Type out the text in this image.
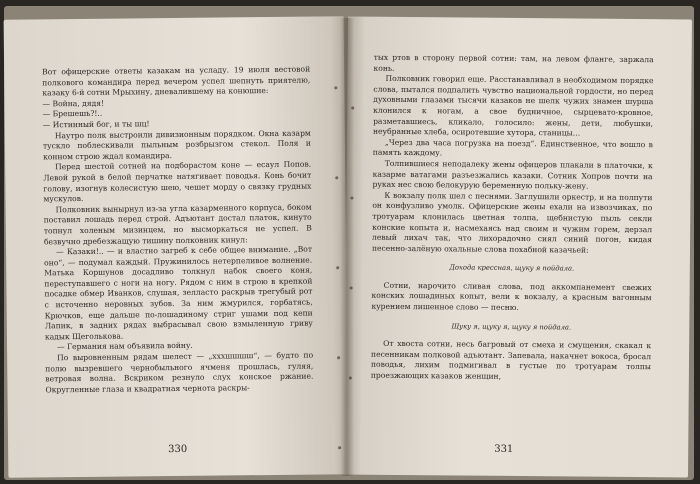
Вот офицерские ответы казакам на усладу. 19 июля вестовой полкового командира перед вечером успел шепнуть приятелю, казаку 6-й сотни Мрыхину, дневалившему на конюшне:

— Война, дядя!

— Брешешь?!..

— Истинный бог, и ты шц!

Наутро полк выстроили дивизионным порядком. Окна казарм тускло поблескивали пыльным розбрызгом стекол. Поля и конном строю ждал командира.

Перед шестой сотней на подборастом коне — есаул Попов. Левой рукой в белой перчатке натягивает поводья. Конь бочит голову, изогнув колесистую шею, чешет морду о связку грудных мускулов.

Полковник вынырнул из-за угла казарменного корпуса, боком поставил лошадь перед строй. Адъютант достал платок, кинуто топнул холеным мизинцем, но высморкаться не успел. В безвучно дребезжащую тишину полковник кинул:

— Казаки!.. — и властно загреб к себе общее внимание. „Вот оно“, — подумал каждый. Пружинилось нетерпеливое волнение. Матька Коршунов досадливо толкнул набок своего коня, переступавшего с ноги на ногу. Рядом с ним в строю в крепкой посадке обмер Иванков, слушая, зелласто раскрыв трегубый рот с источенно неровных зубов. За ним жмурился, горбатясь, Крючков, еще дальше по-лошадиному стриг ушами под кепи Лапик, в задних рядах выбрасывал свою взмыленную гриву кадык Щеголькова.

— Германия нам объявила войну.

По выровненным рядам шелест — „хххшшшш“, — будто по полю вызревшего чернобыльного ячменя прошлась, гуляя, ветровая волна. Вскриком резнуло слух конское ржание. Округленные глаза и квадратная чернота раскры-

330

тых ртов в сторону первой сотни: там, на левом фланге, заржала конь.

Полковник говорил еще. Расстанавливал в необходимом порядке слова, пытался подпалить чувство национальной гордости, но перед духовными глазами тысячи казаков не шелк чужих знамен шурша клонился к ногам, а свое будничное, сырцевато-кровное, разметавшиесь, кликало, голосило: жены, дети, любушки, неубранные хлеба, осиротевшие хутора, станицы…

„Через два часа погрузка на поезд“. Единственное, что вошло в память каждому.

Толпившиеся неподалеку жены офицеров плакали в платочки, к казарме ватагами разъезжались казаки. Сотник Хопров почти на руках нес свою белокурую беременную польку-жену.

К вокзалу полк шел с песнями. Заглушили оркестр, и на полпути он конфузливо умолк. Офицерские жены ехали на извозчиках, по тротуарам клонилась цветная толпа, щебнистую пыль секли конские копыта и, насмехаясь над своим и чужим горем, дерзал левый лихач так, что лихорадочно сиял синий погон, кидая песенно-залёную охальные слова похабной казачьей:

Дохода крессная, щуку я пойдала.

Сотни, нарочито сливая слова, под аккомпанемент свежих конских лошадиных копыт, вели к вокзалу, а красным вагонным курением лишенное слово — песню.

Щуку я, щуку я, щуку я пойдала.

От хвоста сотни, несь багровый от смеха и смущения, скакал к песенникам полковой адъютант. Запевала, накачнет вокоса, бросал поводья, лихим подмигивал в густые по тротуарам толпы проезжающих казаков женщин,

331
